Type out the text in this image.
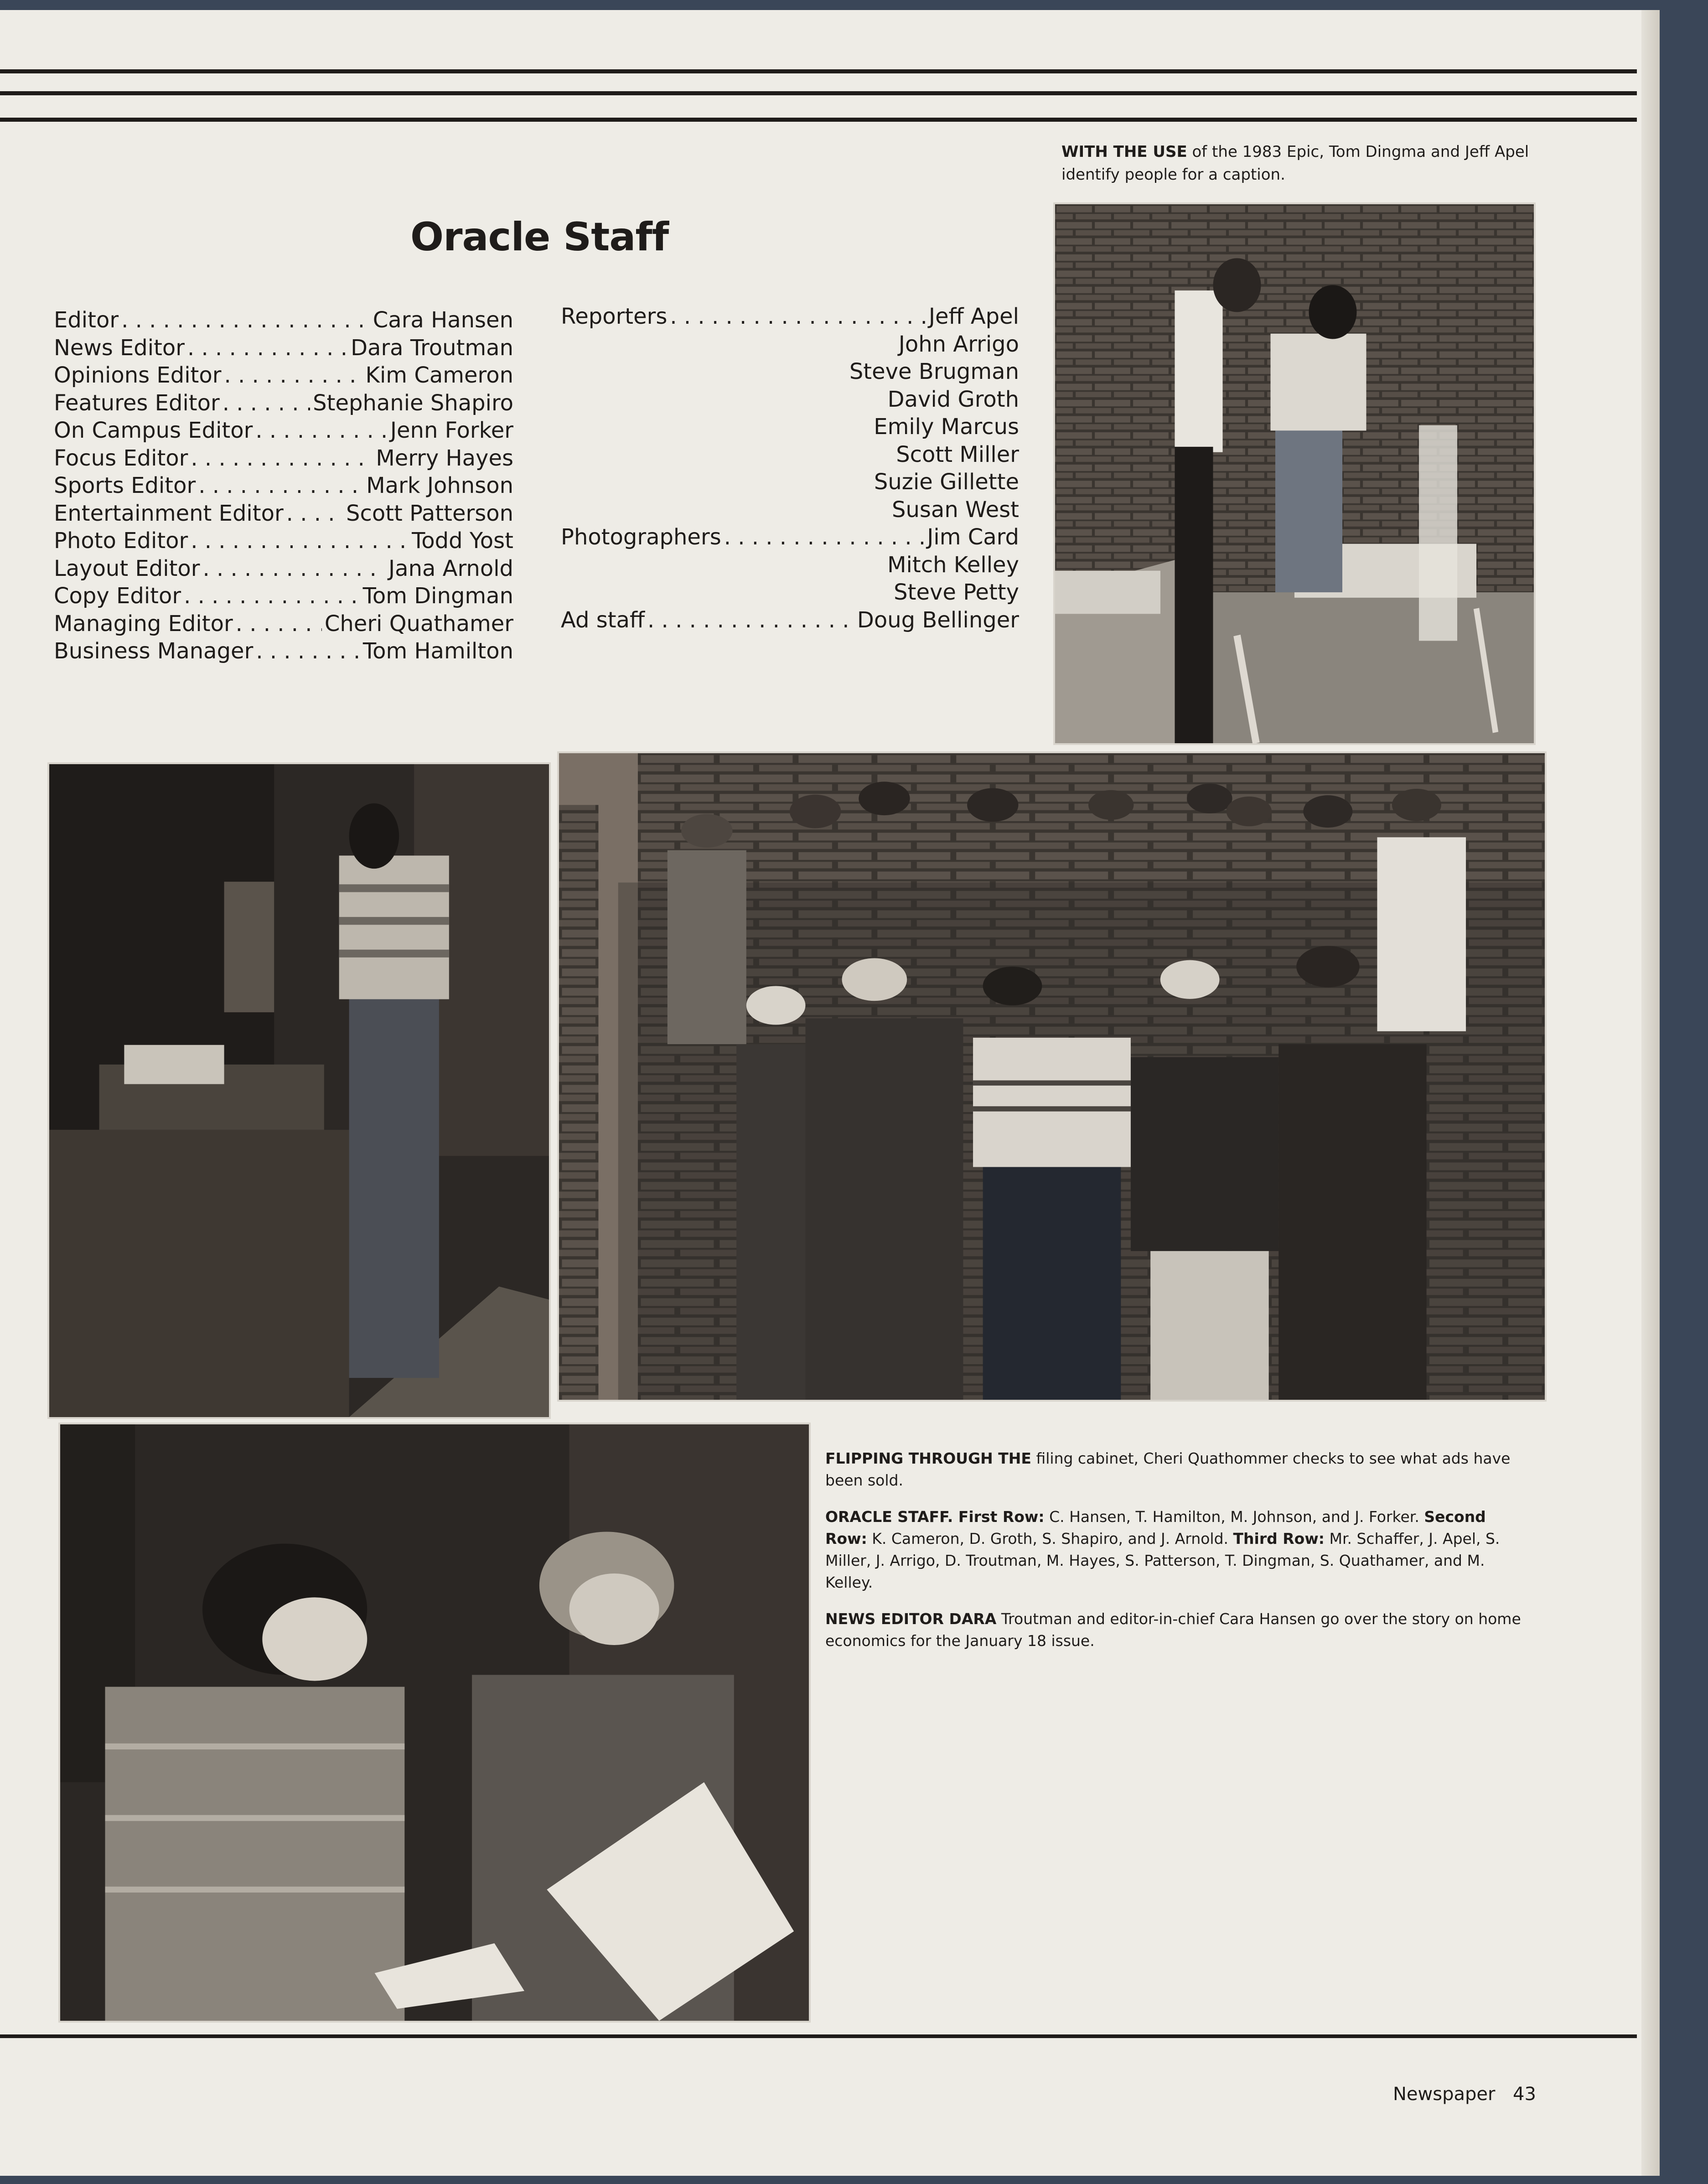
Oracle Staff
Editor . . .	Cara Hansen
News Editor . . .	Dara Troutman
Opinions Editor . . .	Kim Cameron
Features Editor . . .	Stephanie Shapiro
On Campus Editor . . .	Jenn Forker
Focus Editor . . .	Merry Hayes
Sports Editor . . .	Mark Johnson
Entertainment Editor . . .	Scott Patterson
Photo Editor . . .	Todd Yost
Layout Editor . . .	Jana Arnold
Copy Editor . . .	Tom Dingman
Managing Editor . . .	Cheri Quathamer
Business Manager . . .	Tom Hamilton
Reporters . . .	Jeff Apel
John Arrigo
Steve Brugman
David Groth
Emily Marcus
Scott Miller
Suzie Gillette
Susan West
Photographers . . .	Jim Card
Mitch Kelley
Steve Petty
Ad staff . . .	Doug Bellinger
WITH THE USE of the 1983 Epic, Tom Dingma and Jeff Apel identify people for a caption.

FLIPPING THROUGH THE filing cabinet, Cheri Quathommer checks to see what ads have been sold.

ORACLE STAFF. First Row: C. Hansen, T. Hamilton, M. Johnson, and J. Forker. Second Row: K. Cameron, D. Groth, S. Shapiro, and J. Arnold. Third Row: Mr. Schaffer, J. Apel, S. Miller, J. Arrigo, D. Troutman, M. Hayes, S. Patterson, T. Dingman, S. Quathamer, and M. Kelley.

NEWS EDITOR DARA Troutman and editor-in-chief Cara Hansen go over the story on home economics for the January 18 issue.

Newspaper 43
